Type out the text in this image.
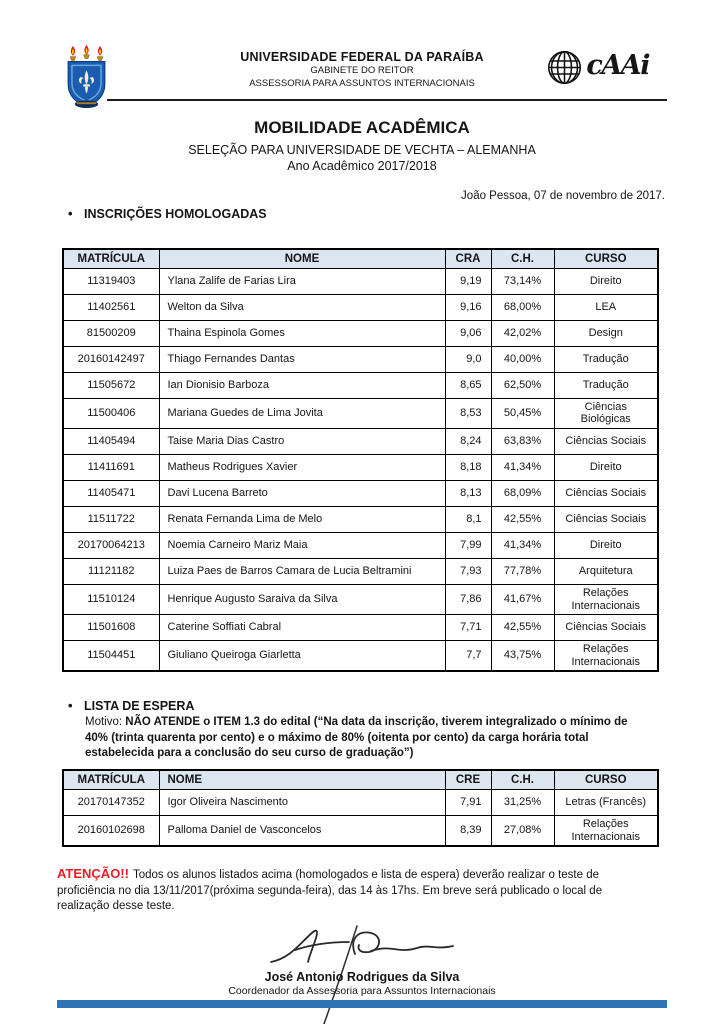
UNIVERSIDADE FEDERAL DA PARAÍBA
GABINETE DO REITOR
ASSESSORIA PARA ASSUNTOS INTERNACIONAIS
cAAi
MOBILIDADE ACADÊMICA
SELEÇÃO PARA UNIVERSIDADE DE VECHTA – ALEMANHA
Ano Acadêmico 2017/2018
João Pessoa, 07 de novembro de 2017.
• INSCRIÇÕES HOMOLOGADAS
MATRÍCULA	NOME	CRA	C.H.	CURSO
11319403	Ylana Zalife de Farias Lira	9,19	73,14%	Direito
11402561	Welton da Silva	9,16	68,00%	LEA
81500209	Thaina Espinola Gomes	9,06	42,02%	Design
20160142497	Thiago Fernandes Dantas	9,0	40,00%	Tradução
11505672	Ian Dionisio Barboza	8,65	62,50%	Tradução
11500406	Mariana Guedes de Lima Jovita	8,53	50,45%	Ciências Biológicas
11405494	Taise Maria Dias Castro	8,24	63,83%	Ciências Sociais
11411691	Matheus Rodrigues Xavier	8,18	41,34%	Direito
11405471	Davi Lucena Barreto	8,13	68,09%	Ciências Sociais
11511722	Renata Fernanda Lima de Melo	8,1	42,55%	Ciências Sociais
20170064213	Noemia Carneiro Mariz Maia	7,99	41,34%	Direito
11121182	Luiza Paes de Barros Camara de Lucia Beltramini	7,93	77,78%	Arquitetura
11510124	Henrique Augusto Saraiva da Silva	7,86	41,67%	Relações Internacionais
11501608	Caterine Soffiati Cabral	7,71	42,55%	Ciências Sociais
11504451	Giuliano Queiroga Giarletta	7,7	43,75%	Relações Internacionais
• LISTA DE ESPERA

Motivo: NÃO ATENDE o ITEM 1.3 do edital (“Na data da inscrição, tiverem integralizado o mínimo de 40% (trinta quarenta por cento) e o máximo de 80% (oitenta por cento) da carga horária total estabelecida para a conclusão do seu curso de graduação”)

MATRÍCULA	NOME	CRE	C.H.	CURSO
20170147352	Igor Oliveira Nascimento	7,91	31,25%	Letras (Francês)
20160102698	Palloma Daniel de Vasconcelos	8,39	27,08%	Relações Internacionais

ATENÇÃO!! Todos os alunos listados acima (homologados e lista de espera) deverão realizar o teste de proficiência no dia 13/11/2017(próxima segunda-feira), das 14 às 17hs. Em breve será publicado o local de realização desse teste.

José Antonio Rodrigues da Silva
Coordenador da Assessoria para Assuntos Internacionais
